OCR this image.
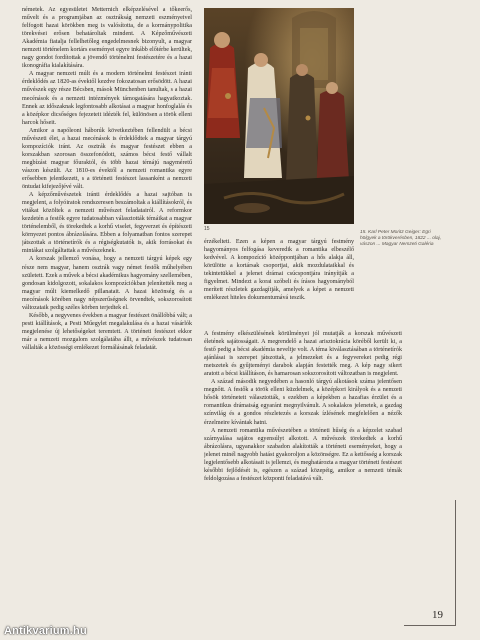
németek. Az egyesületet Metternich elképzelésével a tőkeerős, művelt és a programjában az osztrákság nemzeti eszményeivel felfogott hazai körökben meg is valósította, de a kormánypolitika törekvései erősen behatároltak mindent. A Képzőművészeti Akadémia fiatalja fellelhetőleg engedelmesnek bizonyult, a magyar nemzeti történelem kortárs eseményei egyre inkább előtérbe kerültek, nagy gondot fordítottak a jövendő történelmi festészetére és a hazai ikonográfia kialakítására.

A magyar nemzeti múlt és a modern történelmi festészet iránti érdeklődés az 1820-as évektől kezdve fokozatosan erősödött. A hazai művészek egy része Bécsben, mások Münchenben tanultak, s a hazai mecénások és a nemzeti intézmények támogatására hagyatkoztak. Ennek az időszaknak legfontosabb alkotásai a magyar honfoglalás és a középkor dicsőséges fejezeteit idézték fel, különösen a török elleni harcok hőseit.

Amikor a napóleoni háborúk következtében fellendült a bécsi művészeti élet, a hazai mecénások is érdeklődtek a magyar tárgyú kompozíciók iránt. Az osztrák és magyar festészet ebben a korszakban szorosan összefonódott, számos bécsi festő vállalt megbízást magyar főuraktól, és több hazai témájú nagyméretű vászon készült. Az 1810-es évektől a nemzeti romantika egyre erősebben jelentkezett, s a történeti festészet lassanként a nemzeti öntudat kifejezőjévé vált.

A képzőművészetek iránti érdeklődés a hazai sajtóban is megjelent, a folyóiratok rendszeresen beszámoltak a kiállításokról, és vitákat közöltek a nemzeti művészet feladatairól. A reformkor kezdetén a festők egyre tudatosabban választották témáikat a magyar történelemből, és törekedtek a korhű viselet, fegyverzet és építészeti környezet pontos ábrázolására. Ebben a folyamatban fontos szerepet játszottak a történetírók és a régiségkutatók is, akik forrásokat és mintákat szolgáltattak a művészeknek.

A korszak jellemző vonása, hogy a nemzeti tárgyú képek egy része nem magyar, hanem osztrák vagy német festők műhelyében született. Ezek a művek a bécsi akadémikus hagyomány szellemében, gondosan kidolgozott, sokalakos kompozíciókban jelenítették meg a magyar múlt kiemelkedő pillanatait. A hazai közönség és a mecénások körében nagy népszerűségnek örvendtek, sokszorosított változataik pedig széles körben terjedtek el.

Később, a negyvenes években a magyar festészet önállóbbá vált; a pesti kiállítások, a Pesti Műegylet megalakulása és a hazai vásárlók megjelenése új lehetőségeket teremtett. A történeti festészet ekkor már a nemzeti mozgalom szolgálatába állt, a művészek tudatosan vállalták a közösségi emlékezet formálásának feladatát.

15
15. Karl Peter Moritz Geiger: Egri hölgyek a törökverésben, 1822 ... olaj, vászon ... Magyar Nemzeti Galéria

érzékelteti. Ezen a képen a magyar tárgyú festmény hagyományos felfogása keveredik a romantika elbeszélő kedvével. A kompozíció középpontjában a hős alakja áll, körülötte a kortársak csoportjai, akik mozdulataikkal és tekintetükkel a jelenet drámai csúcspontjára irányítják a figyelmet. Mindezt a korai szóbeli és írásos hagyományból merített részletek gazdagítják, amelyek a képet a nemzeti emlékezet hiteles dokumentumává teszik.

A festmény elkészülésének körülményei jól mutatják a korszak művészeti életének sajátosságait. A megrendelő a hazai arisztokrácia köréből került ki, a festő pedig a bécsi akadémia neveltje volt. A téma kiválasztásában a történetírók ajánlásai is szerepet játszottak, a jelmezeket és a fegyvereket pedig régi metszetek és gyűjteményi darabok alapján festették meg. A kép nagy sikert aratott a bécsi kiállításon, és hamarosan sokszorosított változatban is megjelent.

A század második negyedében a hasonló tárgyú alkotások száma jelentősen megnőtt. A festők a török elleni küzdelmek, a középkori királyok és a nemzeti hősök történeteit választották, s ezekben a képekben a hazafias érzület és a romantikus drámaiság egyaránt megnyilvánult. A sokalakos jelenetek, a gazdag színvilág és a gondos részletezés a korszak ízlésének megfelelően a nézők érzelmeire kívántak hatni.

A nemzeti romantika művészetében a történeti hűség és a képzelet szabad szárnyalása sajátos egyensúlyt alkotott. A művészek törekedtek a korhű ábrázolásra, ugyanakkor szabadon alakították a történeti eseményeket, hogy a jelenet minél nagyobb hatást gyakoroljon a közönségre. Ez a kettősség a korszak legjelentősebb alkotásait is jellemzi, és meghatározta a magyar történeti festészet későbbi fejlődését is, egészen a század közepéig, amikor a nemzeti témák feldolgozása a festészet központi feladatává vált.

19
Antikvarium.hu
